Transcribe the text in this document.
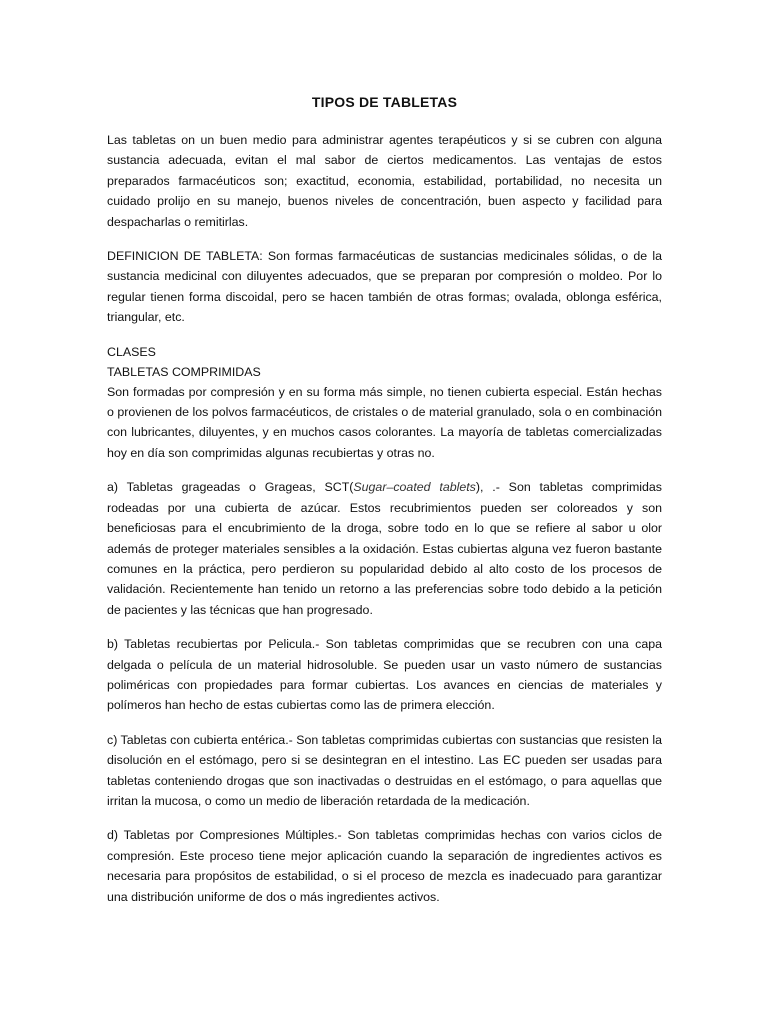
TIPOS DE TABLETAS

Las tabletas on un buen medio para administrar agentes terapéuticos y si se cubren con alguna sustancia adecuada, evitan el mal sabor de ciertos medicamentos. Las ventajas de estos preparados farmacéuticos son; exactitud, economia, estabilidad, portabilidad, no necesita un cuidado prolijo en su manejo, buenos niveles de concentración, buen aspecto y facilidad para despacharlas o remitirlas.

DEFINICION DE TABLETA: Son formas farmacéuticas de sustancias medicinales sólidas, o de la sustancia medicinal con diluyentes adecuados, que se preparan por compresión o moldeo. Por lo regular tienen forma discoidal, pero se hacen también de otras formas; ovalada, oblonga esférica, triangular, etc.

CLASES

TABLETAS COMPRIMIDAS

Son formadas por compresión y en su forma más simple, no tienen cubierta especial. Están hechas o provienen de los polvos farmacéuticos, de cristales o de material granulado, sola o en combinación con lubricantes, diluyentes, y en muchos casos colorantes. La mayoría de tabletas comercializadas hoy en día son comprimidas algunas recubiertas y otras no.

a) Tabletas grageadas o Grageas, SCT(Sugar–coated tablets), .- Son tabletas comprimidas rodeadas por una cubierta de azúcar. Estos recubrimientos pueden ser coloreados y son beneficiosas para el encubrimiento de la droga, sobre todo en lo que se refiere al sabor u olor además de proteger materiales sensibles a la oxidación. Estas cubiertas alguna vez fueron bastante comunes en la práctica, pero perdieron su popularidad debido al alto costo de los procesos de validación. Recientemente han tenido un retorno a las preferencias sobre todo debido a la petición de pacientes y las técnicas que han progresado.

b) Tabletas recubiertas por Pelicula.- Son tabletas comprimidas que se recubren con una capa delgada o película de un material hidrosoluble. Se pueden usar un vasto número de sustancias poliméricas con propiedades para formar cubiertas. Los avances en ciencias de materiales y polímeros han hecho de estas cubiertas como las de primera elección.

c) Tabletas con cubierta entérica.- Son tabletas comprimidas cubiertas con sustancias que resisten la disolución en el estómago, pero si se desintegran en el intestino. Las EC pueden ser usadas para tabletas conteniendo drogas que son inactivadas o destruidas en el estómago, o para aquellas que irritan la mucosa, o como un medio de liberación retardada de la medicación.

d) Tabletas por Compresiones Múltiples.- Son tabletas comprimidas hechas con varios ciclos de compresión. Este proceso tiene mejor aplicación cuando la separación de ingredientes activos es necesaria para propósitos de estabilidad, o si el proceso de mezcla es inadecuado para garantizar una distribución uniforme de dos o más ingredientes activos.
